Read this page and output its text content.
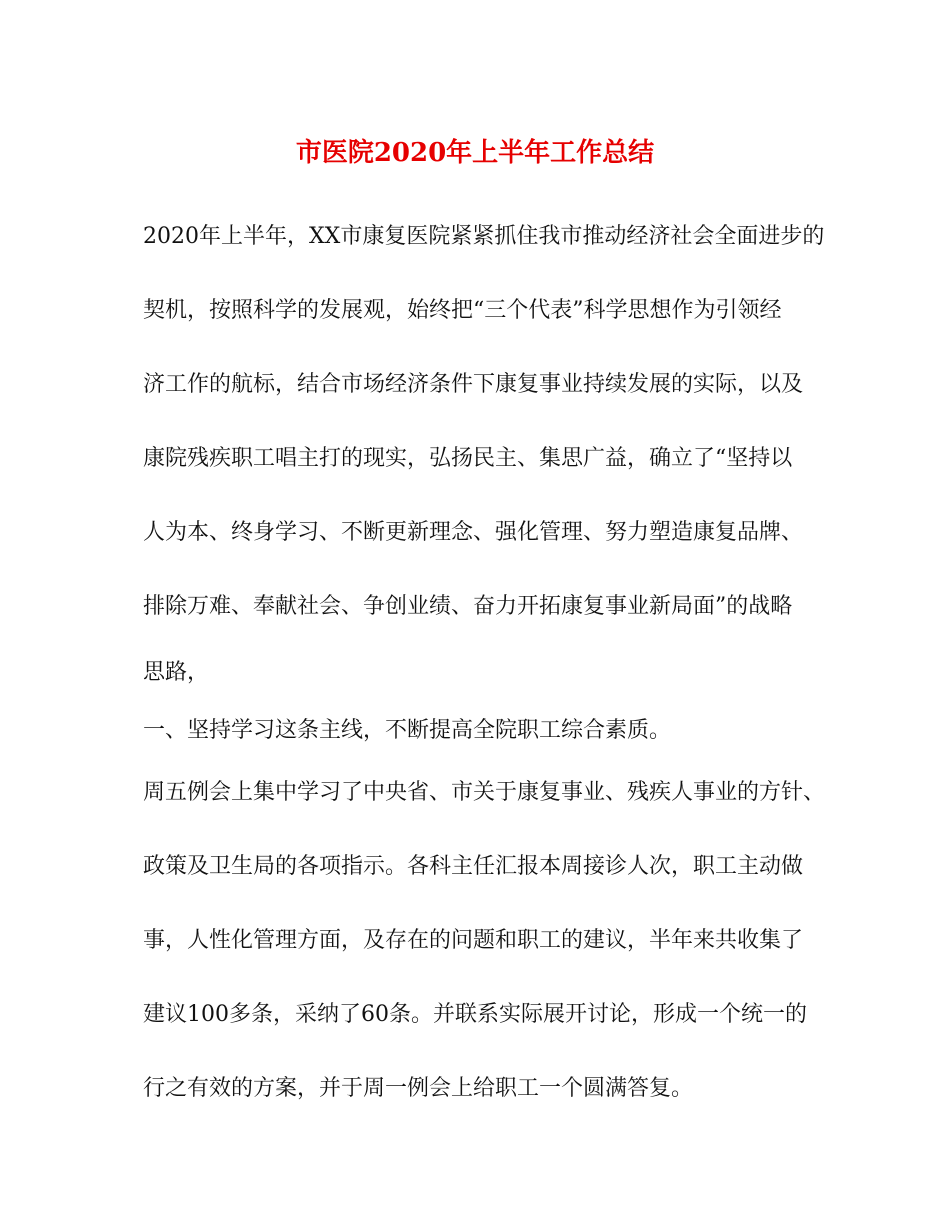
市医院2020年上半年工作总结
2020年上半年，XX市康复医院紧紧抓住我市推动经济社会全面进步的
契机，按照科学的发展观，始终把“三个代表”科学思想作为引领经
济工作的航标，结合市场经济条件下康复事业持续发展的实际，以及
康院残疾职工唱主打的现实，弘扬民主、集思广益，确立了“坚持以
人为本、终身学习、不断更新理念、强化管理、努力塑造康复品牌、
排除万难、奉献社会、争创业绩、奋力开拓康复事业新局面”的战略
思路，
一、坚持学习这条主线，不断提高全院职工综合素质。
周五例会上集中学习了中央省、市关于康复事业、残疾人事业的方针、
政策及卫生局的各项指示。各科主任汇报本周接诊人次，职工主动做
事，人性化管理方面，及存在的问题和职工的建议，半年来共收集了
建议100多条，采纳了60条。并联系实际展开讨论，形成一个统一的
行之有效的方案，并于周一例会上给职工一个圆满答复。
